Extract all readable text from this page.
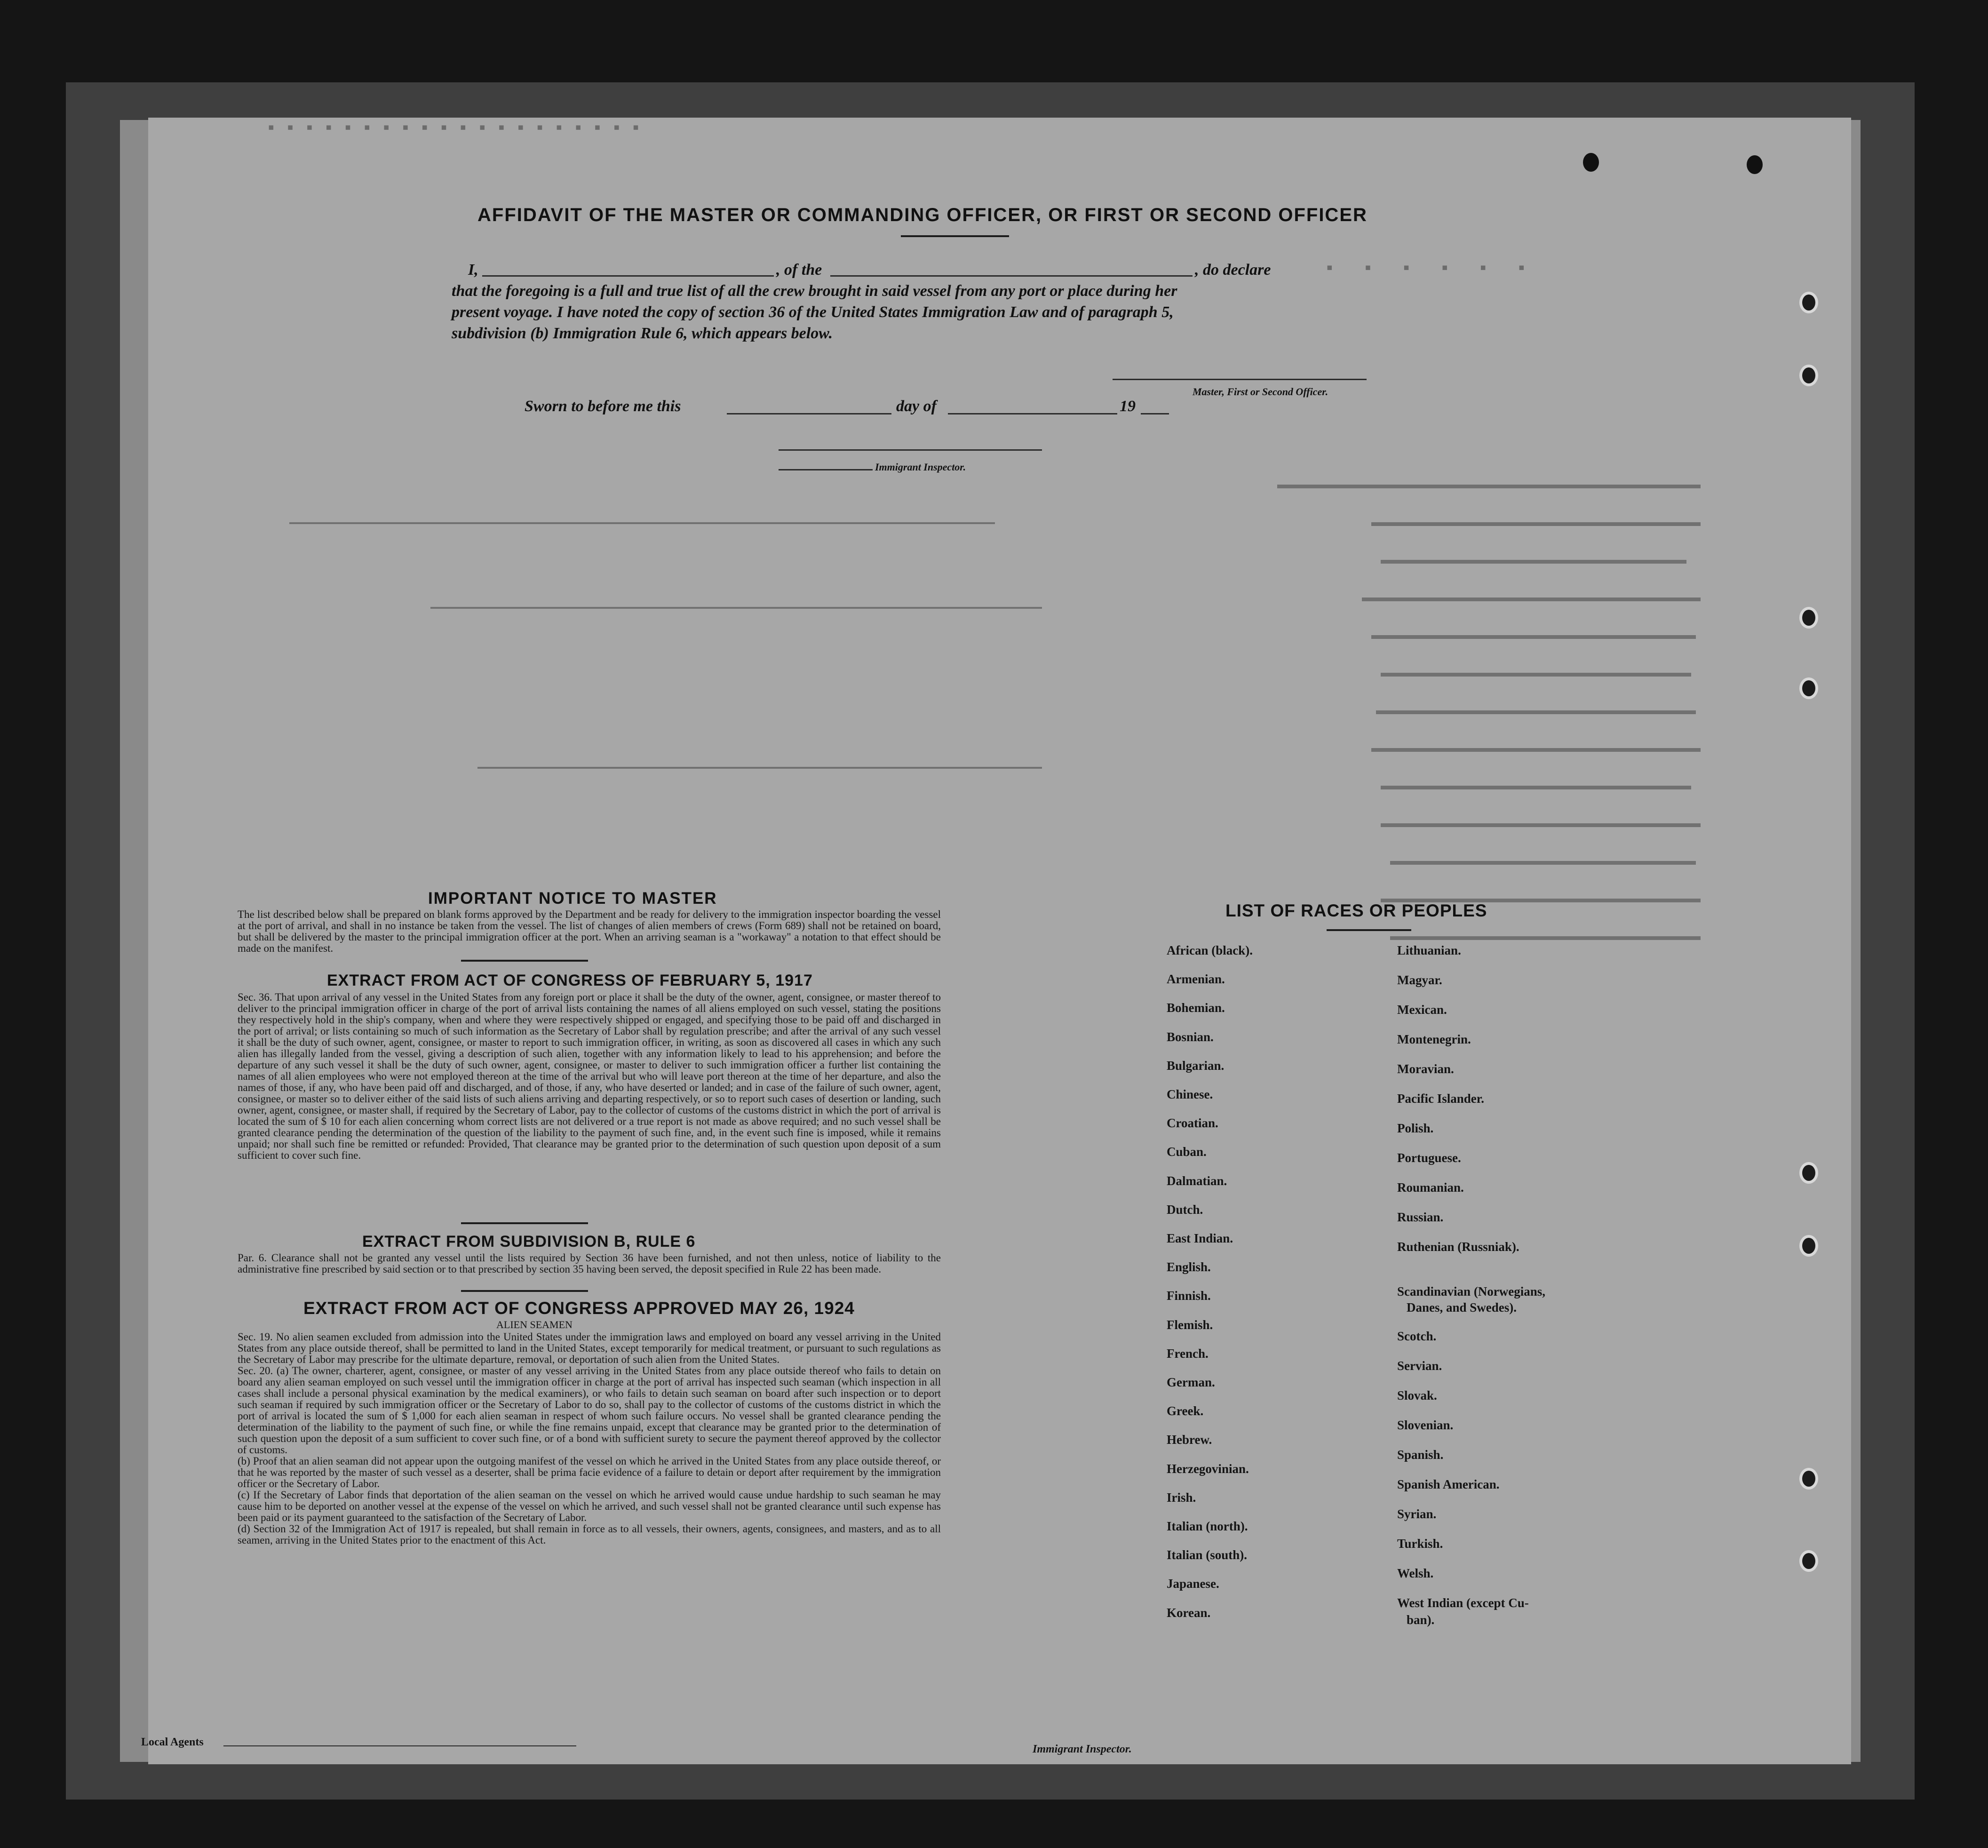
▪▪▪▪▪▪▪▪▪▪▪▪▪▪▪▪▪▪▪▪
▪ ▪ ▪ ▪ ▪ ▪
AFFIDAVIT OF THE MASTER OR COMMANDING OFFICER, OR FIRST OR SECOND OFFICER
I,	, of the	, do declare
that the foregoing is a full and true list of all the crew brought in said vessel from any port or place during her
present voyage. I have noted the copy of section 36 of the United States Immigration Law and of paragraph 5,
subdivision (b) Immigration Rule 6, which appears below.
Master, First or Second Officer.
Sworn to before me this	day of	19
Immigrant Inspector.
IMPORTANT NOTICE TO MASTER
The list described below shall be prepared on blank forms approved by the Department and be ready for delivery to the immigration inspector boarding the vessel at the port of arrival, and shall in no instance be taken from the vessel. The list of changes of alien members of crews (Form 689) shall not be retained on board, but shall be delivered by the master to the principal immigration officer at the port. When an arriving seaman is a "workaway" a notation to that effect should be made on the manifest.
EXTRACT FROM ACT OF CONGRESS OF FEBRUARY 5, 1917
Sec. 36. That upon arrival of any vessel in the United States from any foreign port or place it shall be the duty of the owner, agent, consignee, or master thereof to deliver to the principal immigration officer in charge of the port of arrival lists containing the names of all aliens employed on such vessel, stating the positions they respectively hold in the ship's company, when and where they were respectively shipped or engaged, and specifying those to be paid off and discharged in the port of arrival; or lists containing so much of such information as the Secretary of Labor shall by regulation prescribe; and after the arrival of any such vessel it shall be the duty of such owner, agent, consignee, or master to report to such immigration officer, in writing, as soon as discovered all cases in which any such alien has illegally landed from the vessel, giving a description of such alien, together with any information likely to lead to his apprehension; and before the departure of any such vessel it shall be the duty of such owner, agent, consignee, or master to deliver to such immigration officer a further list containing the names of all alien employees who were not employed thereon at the time of the arrival but who will leave port thereon at the time of her departure, and also the names of those, if any, who have been paid off and discharged, and of those, if any, who have deserted or landed; and in case of the failure of such owner, agent, consignee, or master so to deliver either of the said lists of such aliens arriving and departing respectively, or so to report such cases of desertion or landing, such owner, agent, consignee, or master shall, if required by the Secretary of Labor, pay to the collector of customs of the customs district in which the port of arrival is located the sum of $ 10 for each alien concerning whom correct lists are not delivered or a true report is not made as above required; and no such vessel shall be granted clearance pending the determination of the question of the liability to the payment of such fine, and, in the event such fine is imposed, while it remains unpaid; nor shall such fine be remitted or refunded: Provided, That clearance may be granted prior to the determination of such question upon deposit of a sum sufficient to cover such fine.
EXTRACT FROM SUBDIVISION B, RULE 6
Par. 6. Clearance shall not be granted any vessel until the lists required by Section 36 have been furnished, and not then unless, notice of liability to the administrative fine prescribed by said section or to that prescribed by section 35 having been served, the deposit specified in Rule 22 has been made.
EXTRACT FROM ACT OF CONGRESS APPROVED MAY 26, 1924
ALIEN SEAMEN

Sec. 19. No alien seamen excluded from admission into the United States under the immigration laws and employed on board any vessel arriving in the United States from any place outside thereof, shall be permitted to land in the United States, except temporarily for medical treatment, or pursuant to such regulations as the Secretary of Labor may prescribe for the ultimate departure, removal, or deportation of such alien from the United States.

Sec. 20. (a) The owner, charterer, agent, consignee, or master of any vessel arriving in the United States from any place outside thereof who fails to detain on board any alien seaman employed on such vessel until the immigration officer in charge at the port of arrival has inspected such seaman (which inspection in all cases shall include a personal physical examination by the medical examiners), or who fails to detain such seaman on board after such inspection or to deport such seaman if required by such immigration officer or the Secretary of Labor to do so, shall pay to the collector of customs of the customs district in which the port of arrival is located the sum of $ 1,000 for each alien seaman in respect of whom such failure occurs. No vessel shall be granted clearance pending the determination of the liability to the payment of such fine, or while the fine remains unpaid, except that clearance may be granted prior to the determination of such question upon the deposit of a sum sufficient to cover such fine, or of a bond with sufficient surety to secure the payment thereof approved by the collector of customs.

(b) Proof that an alien seaman did not appear upon the outgoing manifest of the vessel on which he arrived in the United States from any place outside thereof, or that he was reported by the master of such vessel as a deserter, shall be prima facie evidence of a failure to detain or deport after requirement by the immigration officer or the Secretary of Labor.

(c) If the Secretary of Labor finds that deportation of the alien seaman on the vessel on which he arrived would cause undue hardship to such seaman he may cause him to be deported on another vessel at the expense of the vessel on which he arrived, and such vessel shall not be granted clearance until such expense has been paid or its payment guaranteed to the satisfaction of the Secretary of Labor.

(d) Section 32 of the Immigration Act of 1917 is repealed, but shall remain in force as to all vessels, their owners, agents, consignees, and masters, and as to all seamen, arriving in the United States prior to the enactment of this Act.

LIST OF RACES OR PEOPLES
Danes, and Swedes).
ban).
Local Agents
Immigrant Inspector.
African (black).
Armenian.
Bohemian.
Bosnian.
Bulgarian.
Chinese.
Croatian.
Cuban.
Dalmatian.
Dutch.
East Indian.
English.
Finnish.
Flemish.
French.
German.
Greek.
Hebrew.
Herzegovinian.
Irish.
Italian (north).
Italian (south).
Japanese.
Korean.
Lithuanian.
Magyar.
Mexican.
Montenegrin.
Moravian.
Pacific Islander.
Polish.
Portuguese.
Roumanian.
Russian.
Ruthenian (Russniak).
Scandinavian (Norwegians,
Scotch.
Servian.
Slovak.
Slovenian.
Spanish.
Spanish American.
Syrian.
Turkish.
Welsh.
West Indian (except Cu-
